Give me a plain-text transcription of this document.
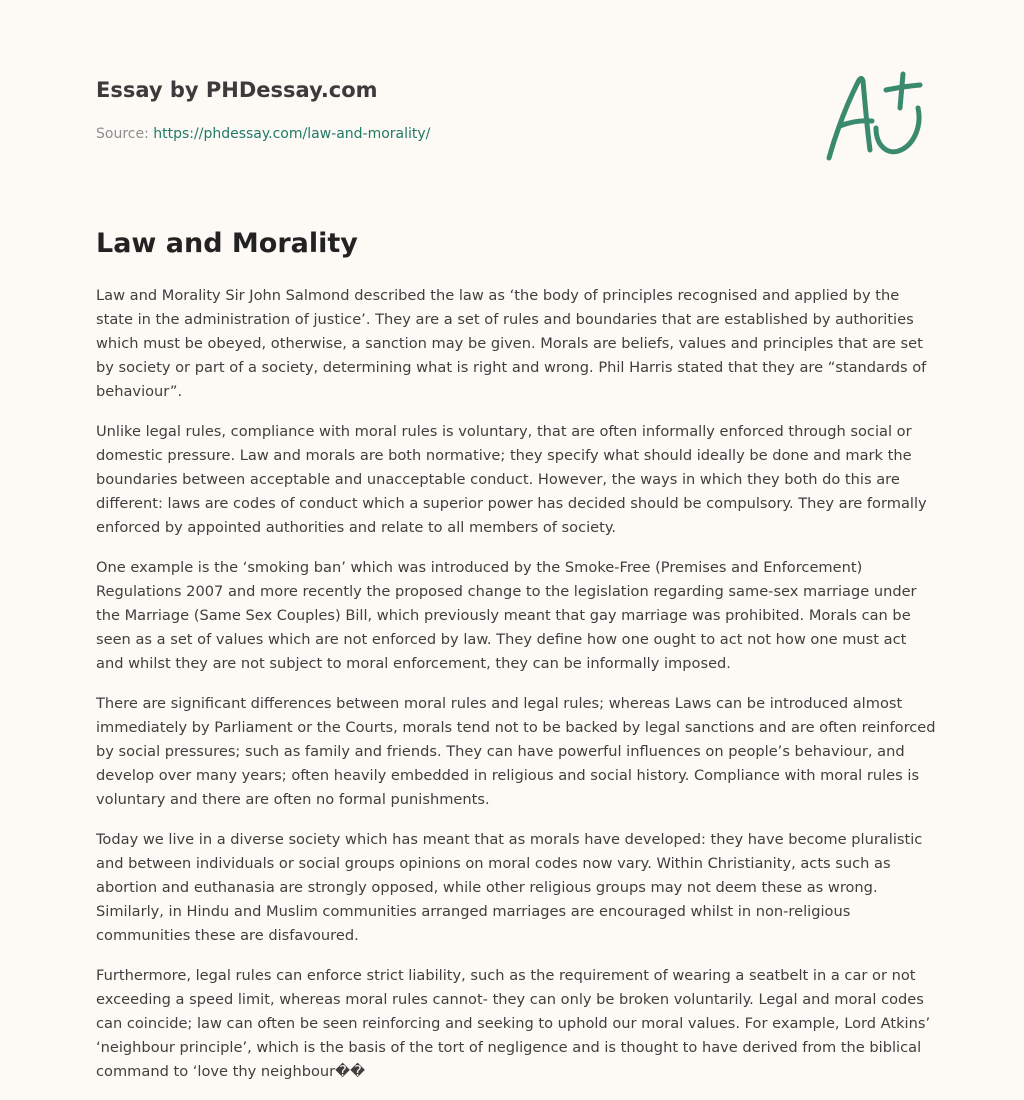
Essay by PHDessay.com
Source: https://phdessay.com/law-and-morality/
Law and Morality

Law and Morality Sir John Salmond described the law as ‘the body of principles recognised and applied by the state in the administration of justice’. They are a set of rules and boundaries that are established by authorities which must be obeyed, otherwise, a sanction may be given. Morals are beliefs, values and principles that are set by society or part of a society, determining what is right and wrong. Phil Harris stated that they are “standards of behaviour”.

Unlike legal rules, compliance with moral rules is voluntary, that are often informally enforced through social or domestic pressure. Law and morals are both normative; they specify what should ideally be done and mark the boundaries between acceptable and unacceptable conduct. However, the ways in which they both do this are different: laws are codes of conduct which a superior power has decided should be compulsory. They are formally enforced by appointed authorities and relate to all members of society.

One example is the ‘smoking ban’ which was introduced by the Smoke-Free (Premises and Enforcement) Regulations 2007 and more recently the proposed change to the legislation regarding same-sex marriage under the Marriage (Same Sex Couples) Bill, which previously meant that gay marriage was prohibited. Morals can be seen as a set of values which are not enforced by law. They define how one ought to act not how one must act and whilst they are not subject to moral enforcement, they can be informally imposed.

There are significant differences between moral rules and legal rules; whereas Laws can be introduced almost immediately by Parliament or the Courts, morals tend not to be backed by legal sanctions and are often reinforced by social pressures; such as family and friends. They can have powerful influences on people’s behaviour, and develop over many years; often heavily embedded in religious and social history. Compliance with moral rules is voluntary and there are often no formal punishments.

Today we live in a diverse society which has meant that as morals have developed: they have become pluralistic and between individuals or social groups opinions on moral codes now vary. Within Christianity, acts such as abortion and euthanasia are strongly opposed, while other religious groups may not deem these as wrong. Similarly, in Hindu and Muslim communities arranged marriages are encouraged whilst in non-religious communities these are disfavoured.

Furthermore, legal rules can enforce strict liability, such as the requirement of wearing a seatbelt in a car or not exceeding a speed limit, whereas moral rules cannot- they can only be broken voluntarily. Legal and moral codes can coincide; law can often be seen reinforcing and seeking to uphold our moral values. For example, Lord Atkins’ ‘neighbour principle’, which is the basis of the tort of negligence and is thought to have derived from the biblical command to ‘love thy neighbour��
